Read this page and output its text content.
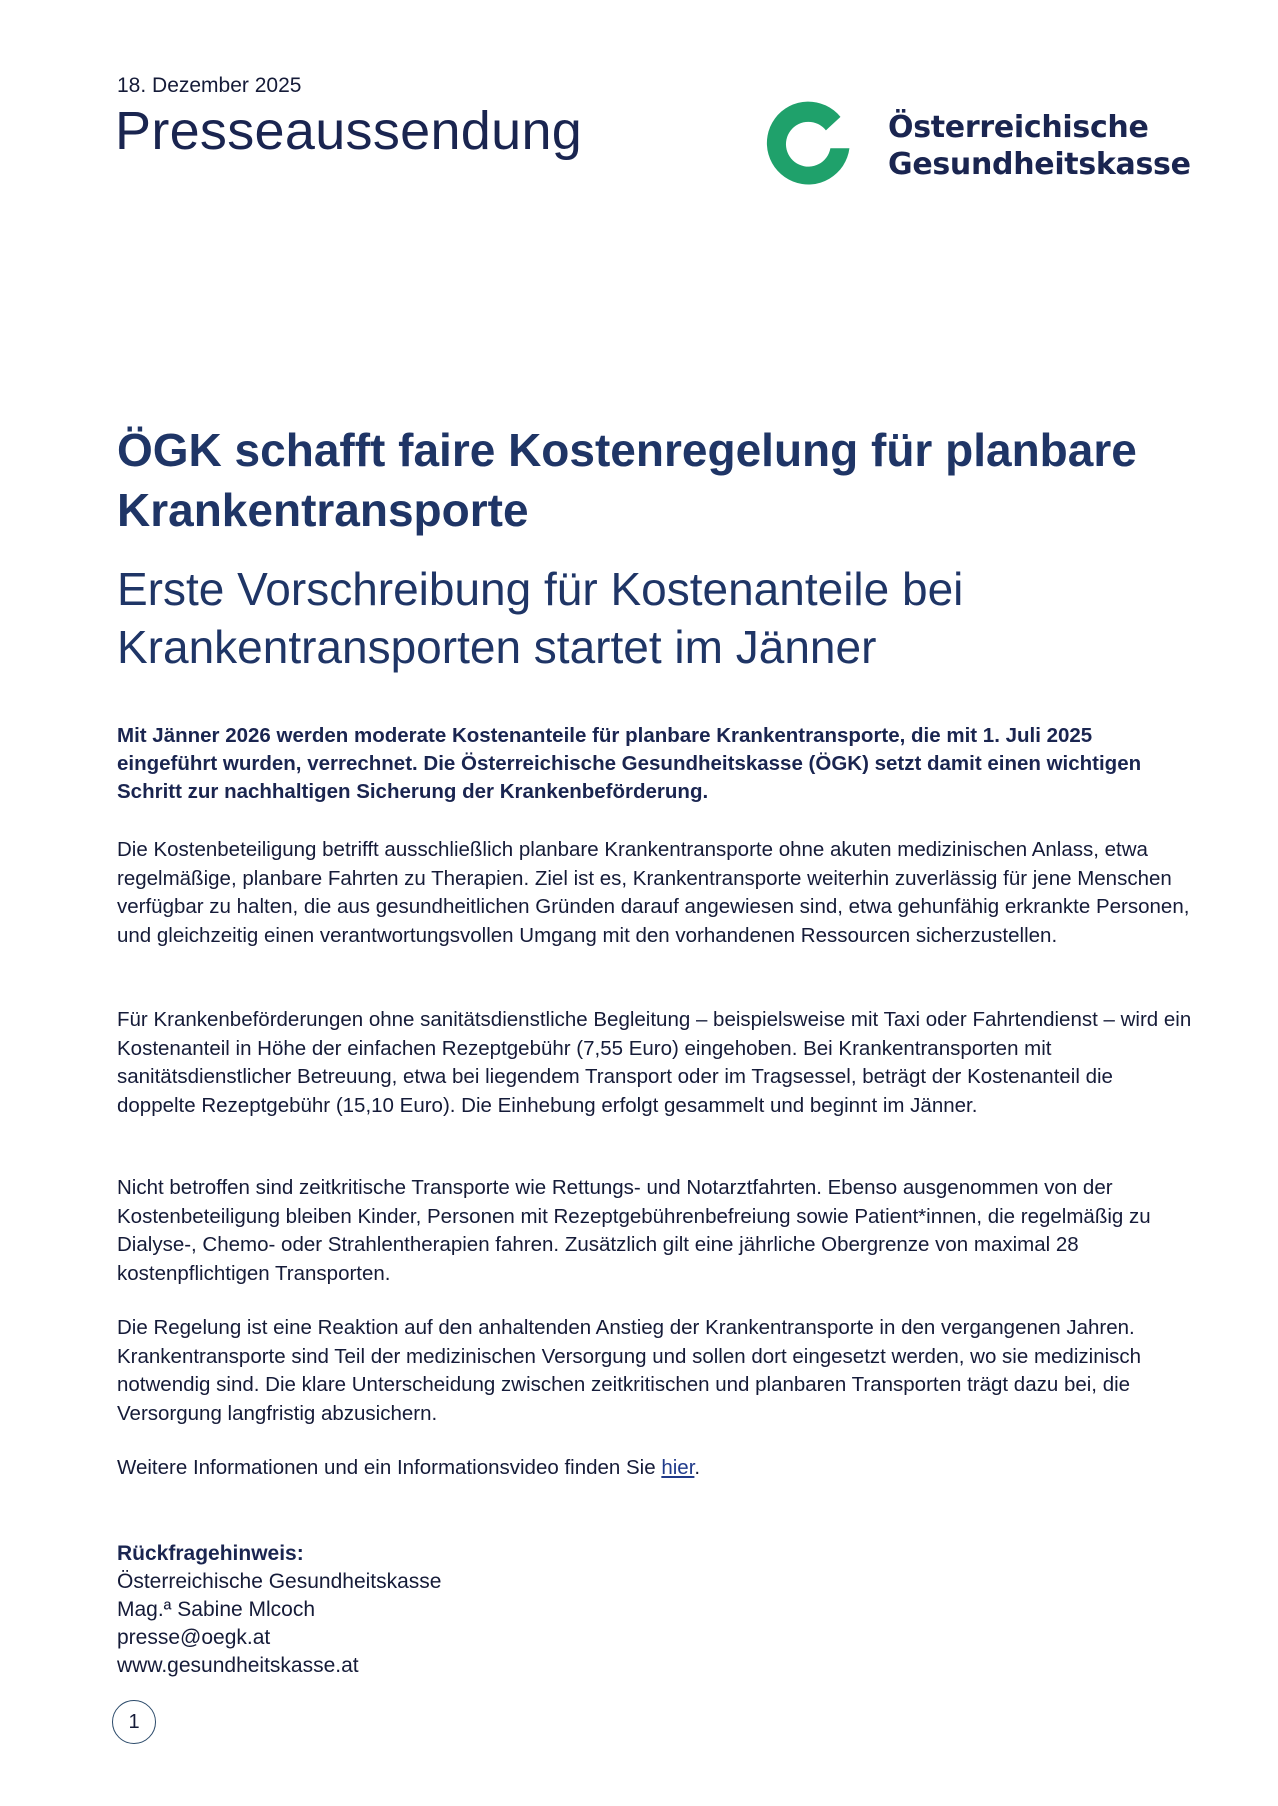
18. Dezember 2025
Presseaussendung	Österreichische
Gesundheitskasse
ÖGK schafft faire Kostenregelung für planbare Krankentransporte
Erste Vorschreibung für Kostenanteile bei Krankentransporten startet im Jänner

Mit Jänner 2026 werden moderate Kostenanteile für planbare Krankentransporte, die mit 1. Juli 2025 eingeführt wurden, verrechnet. Die Österreichische Gesundheitskasse (ÖGK) setzt damit einen wichtigen Schritt zur nachhaltigen Sicherung der Krankenbeförderung.

Die Kostenbeteiligung betrifft ausschließlich planbare Krankentransporte ohne akuten medizinischen Anlass, etwa regelmäßige, planbare Fahrten zu Therapien. Ziel ist es, Krankentransporte weiterhin zuverlässig für jene Menschen verfügbar zu halten, die aus gesundheitlichen Gründen darauf angewiesen sind, etwa gehunfähig erkrankte Personen, und gleichzeitig einen verantwortungsvollen Umgang mit den vorhandenen Ressourcen sicherzustellen.

Für Krankenbeförderungen ohne sanitätsdienstliche Begleitung – beispielsweise mit Taxi oder Fahrtendienst – wird ein Kostenanteil in Höhe der einfachen Rezeptgebühr (7,55 Euro) eingehoben. Bei Krankentransporten mit sanitätsdienstlicher Betreuung, etwa bei liegendem Transport oder im Tragsessel, beträgt der Kostenanteil die doppelte Rezeptgebühr (15,10 Euro). Die Einhebung erfolgt gesammelt und beginnt im Jänner.

Nicht betroffen sind zeitkritische Transporte wie Rettungs- und Notarztfahrten. Ebenso ausgenommen von der Kostenbeteiligung bleiben Kinder, Personen mit Rezeptgebührenbefreiung sowie Patient*innen, die regelmäßig zu Dialyse-, Chemo- oder Strahlentherapien fahren. Zusätzlich gilt eine jährliche Obergrenze von maximal 28 kostenpflichtigen Transporten.

Die Regelung ist eine Reaktion auf den anhaltenden Anstieg der Krankentransporte in den vergangenen Jahren. Krankentransporte sind Teil der medizinischen Versorgung und sollen dort eingesetzt werden, wo sie medizinisch notwendig sind. Die klare Unterscheidung zwischen zeitkritischen und planbaren Transporten trägt dazu bei, die Versorgung langfristig abzusichern.

Weitere Informationen und ein Informationsvideo finden Sie hier.

Rückfragehinweis:
Österreichische Gesundheitskasse
Mag.ª Sabine Mlcoch
presse@oegk.at
www.gesundheitskasse.at
1
